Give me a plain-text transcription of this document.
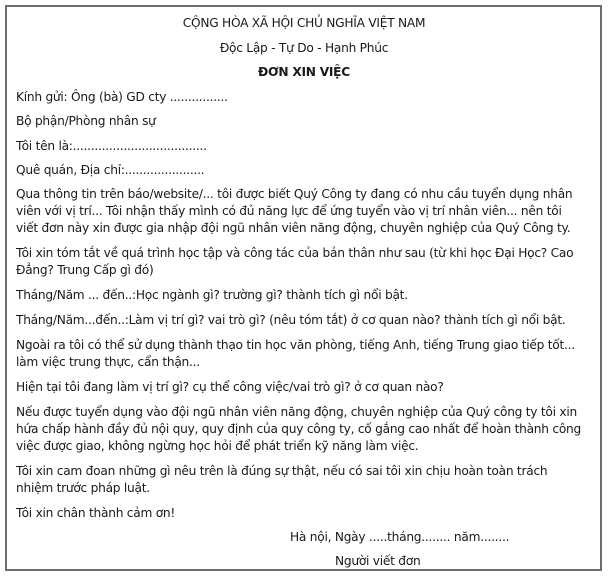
CỘNG HÒA XÃ HỘI CHỦ NGHĨA VIỆT NAM
Độc Lập - Tự Do - Hạnh Phúc
ĐƠN XIN VIỆC
Kính gửi: Ông (bà) GD cty ................
Bộ phận/Phòng nhân sự
Tôi tên là:.....................................
Quê quán, Địa chỉ:......................
Qua thông tin trên báo/website/... tôi được biết Quý Công ty đang có nhu cầu tuyển dụng nhân
viên với vị trí... Tôi nhận thấy mình có đủ năng lực để ứng tuyển vào vị trí nhân viên... nên tôi
viết đơn này xin được gia nhập đội ngũ nhân viên năng động, chuyên nghiệp của Quý Công ty.
Tôi xin tóm tắt về quá trình học tập và công tác của bản thân như sau (từ khi học Đại Học? Cao
Đẳng? Trung Cấp gì đó)
Tháng/Năm ... đến..:Học ngành gì? trường gì? thành tích gì nổi bật.
Tháng/Năm...đến..:Làm vị trí gì? vai trò gì? (nêu tóm tắt) ở cơ quan nào? thành tích gì nổi bật.
Ngoài ra tôi có thể sử dụng thành thạo tin học văn phòng, tiếng Anh, tiếng Trung giao tiếp tốt...
làm việc trung thực, cẩn thận...
Hiện tại tôi đang làm vị trí gì? cụ thể công việc/vai trò gì? ở cơ quan nào?
Nếu được tuyển dụng vào đội ngũ nhân viên năng động, chuyên nghiệp của Quý công ty tôi xin
hứa chấp hành đầy đủ nội quy, quy định của quy công ty, cố gắng cao nhất để hoàn thành công
việc được giao, không ngừng học hỏi để phát triển kỹ năng làm việc.
Tôi xin cam đoan những gì nêu trên là đúng sự thật, nếu có sai tôi xin chịu hoàn toàn trách
nhiệm trước pháp luật.
Tôi xin chân thành cảm ơn!
Hà nội, Ngày .....tháng........ năm........
Người viết đơn
